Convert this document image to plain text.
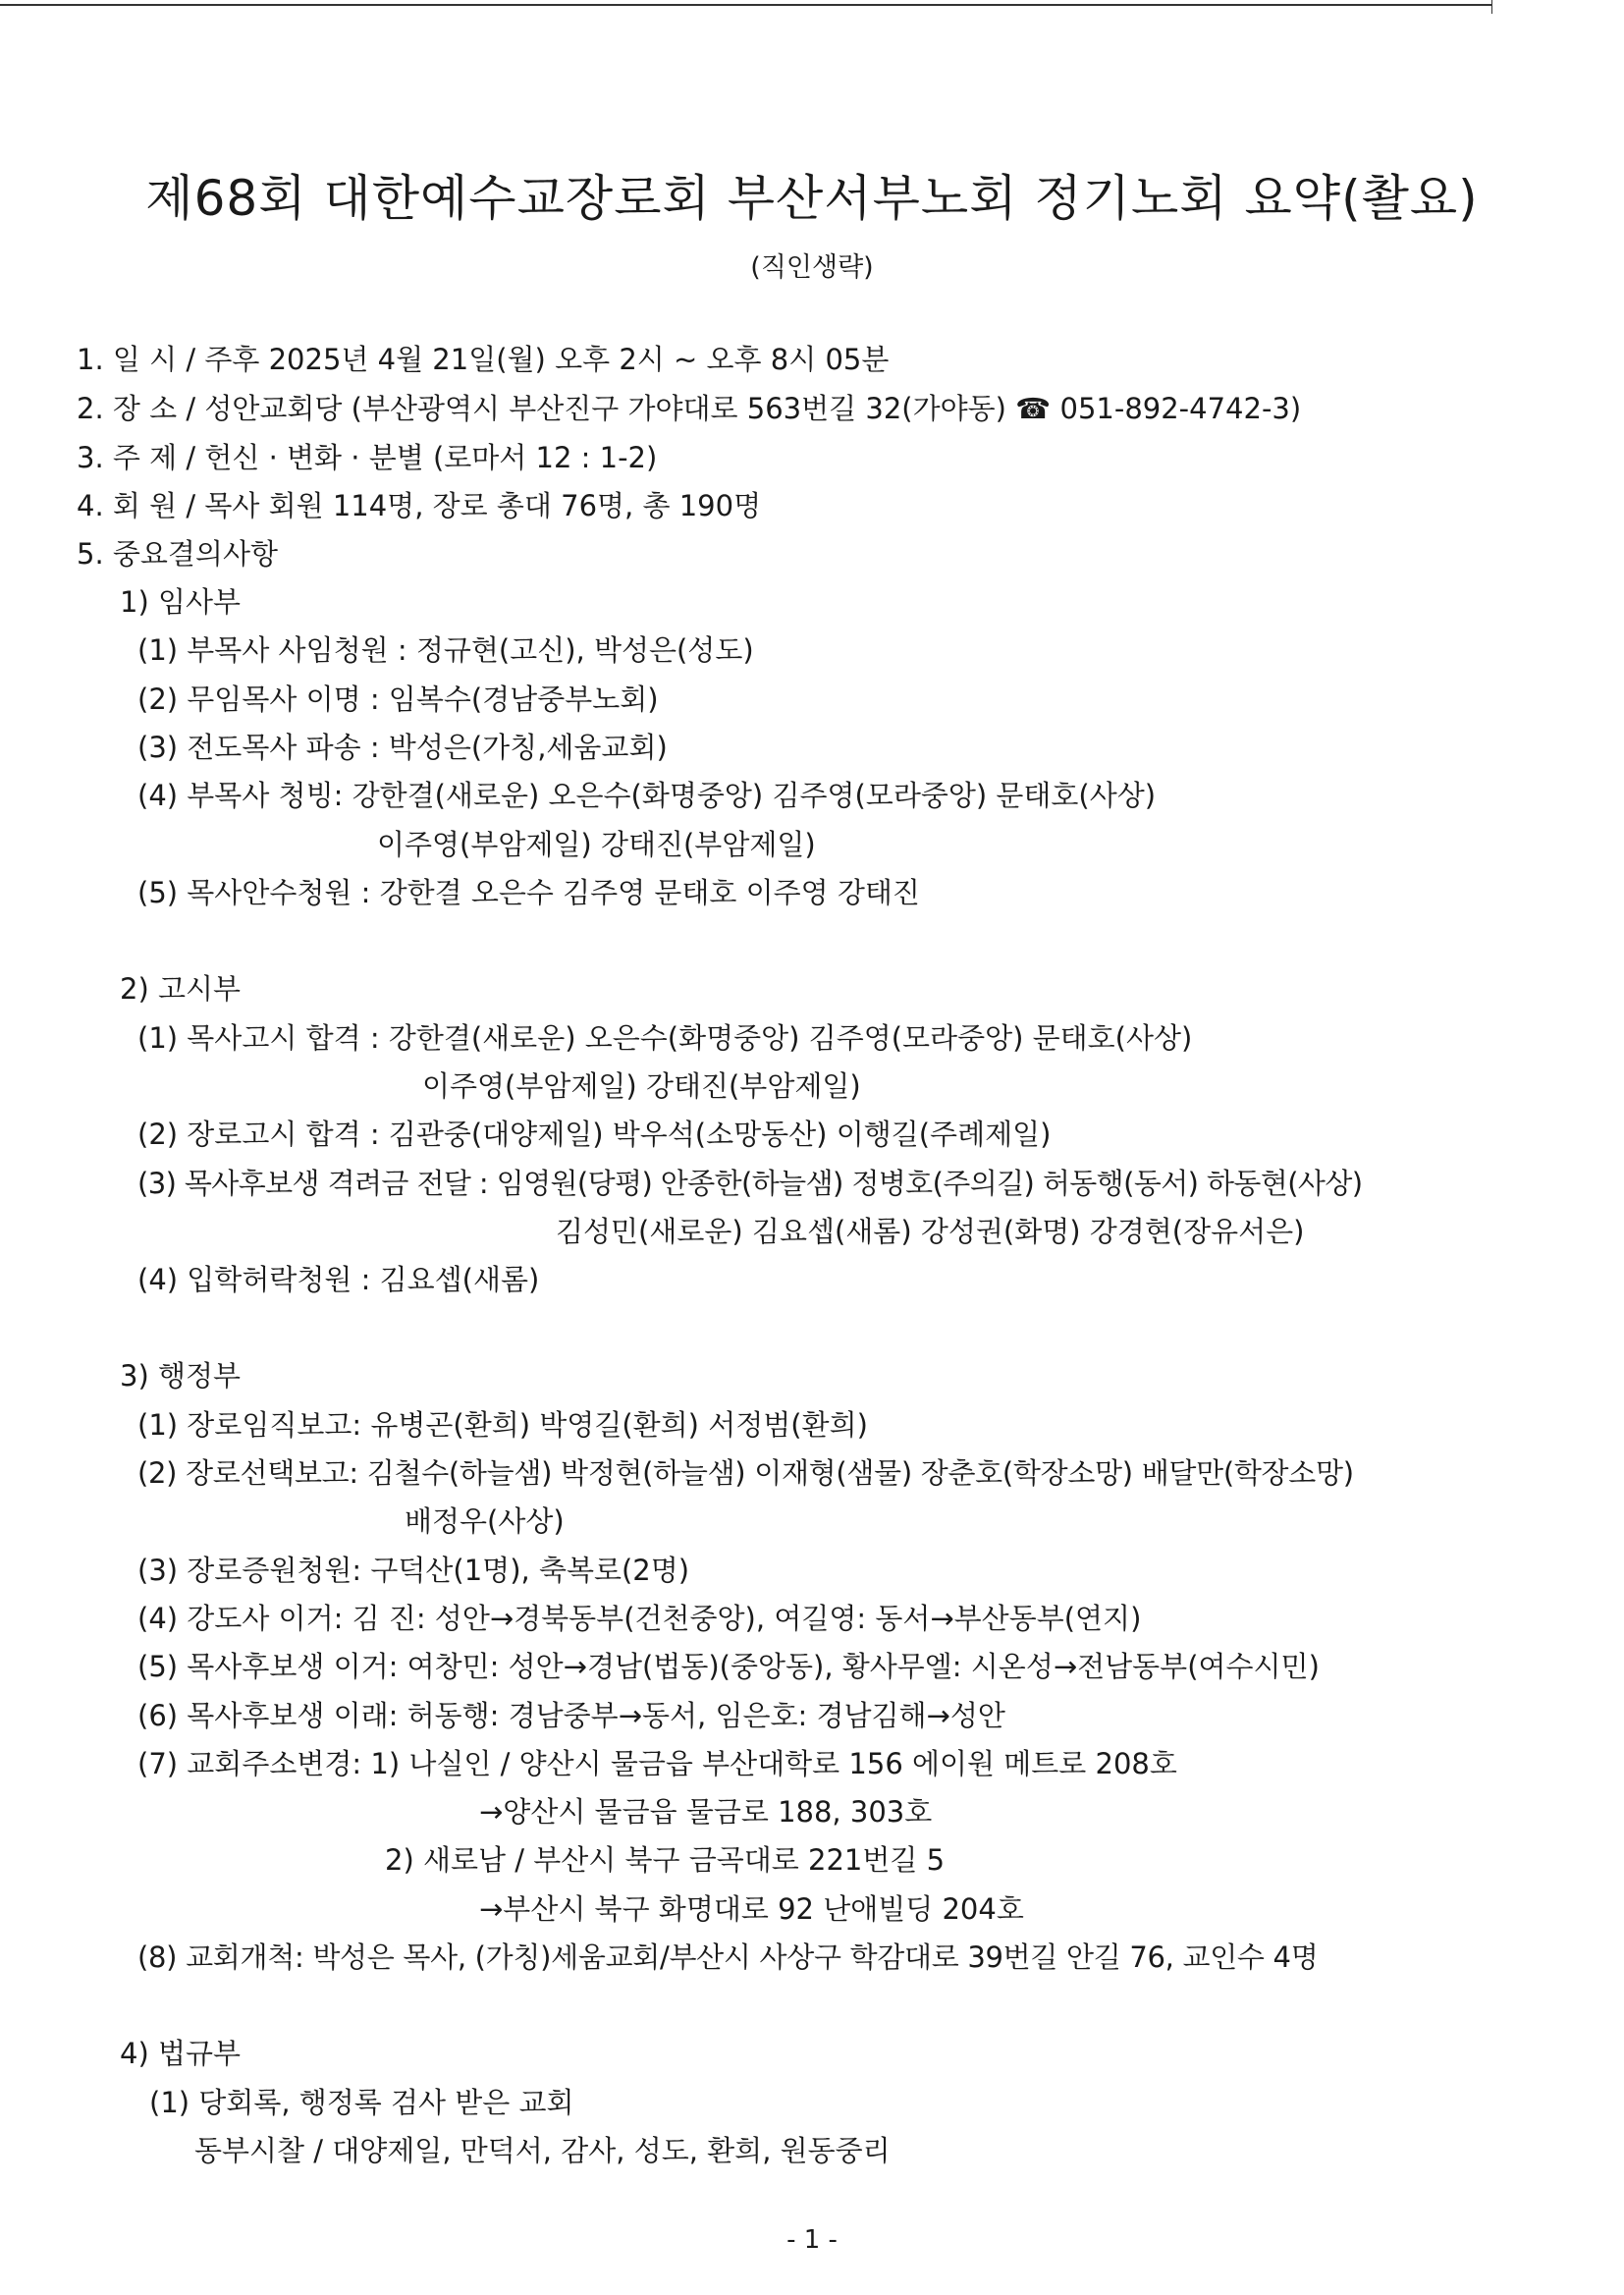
제68회 대한예수교장로회 부산서부노회 정기노회 요약(촬요)
(직인생략)
1. 일 시 / 주후 2025년 4월 21일(월) 오후 2시 ~ 오후 8시 05분
2. 장 소 / 성안교회당 (부산광역시 부산진구 가야대로 563번길 32(가야동) ☎ 051-892-4742-3)
3. 주 제 / 헌신 · 변화 · 분별 (로마서 12 : 1-2)
4. 회 원 / 목사 회원 114명, 장로 총대 76명, 총 190명
5. 중요결의사항
1) 임사부
(1) 부목사 사임청원 : 정규현(고신), 박성은(성도)
(2) 무임목사 이명 : 임복수(경남중부노회)
(3) 전도목사 파송 : 박성은(가칭,세움교회)
(4) 부목사 청빙: 강한결(새로운) 오은수(화명중앙) 김주영(모라중앙) 문태호(사상)
이주영(부암제일) 강태진(부암제일)
(5) 목사안수청원 : 강한결 오은수 김주영 문태호 이주영 강태진
2) 고시부
(1) 목사고시 합격 : 강한결(새로운) 오은수(화명중앙) 김주영(모라중앙) 문태호(사상)
이주영(부암제일) 강태진(부암제일)
(2) 장로고시 합격 : 김관중(대양제일) 박우석(소망동산) 이행길(주례제일)
(3) 목사후보생 격려금 전달 : 임영원(당평) 안종한(하늘샘) 정병호(주의길) 허동행(동서) 하동현(사상)
김성민(새로운) 김요셉(새롬) 강성권(화명) 강경현(장유서은)
(4) 입학허락청원 : 김요셉(새롬)
3) 행정부
(1) 장로임직보고: 유병곤(환희) 박영길(환희) 서정범(환희)
(2) 장로선택보고: 김철수(하늘샘) 박정현(하늘샘) 이재형(샘물) 장춘호(학장소망) 배달만(학장소망)
배정우(사상)
(3) 장로증원청원: 구덕산(1명), 축복로(2명)
(4) 강도사 이거: 김 진: 성안→경북동부(건천중앙), 여길영: 동서→부산동부(연지)
(5) 목사후보생 이거: 여창민: 성안→경남(법동)(중앙동), 황사무엘: 시온성→전남동부(여수시민)
(6) 목사후보생 이래: 허동행: 경남중부→동서, 임은호: 경남김해→성안
(7) 교회주소변경: 1) 나실인 / 양산시 물금읍 부산대학로 156 에이원 메트로 208호
→양산시 물금읍 물금로 188, 303호
2) 새로남 / 부산시 북구 금곡대로 221번길 5
→부산시 북구 화명대로 92 난애빌딩 204호
(8) 교회개척: 박성은 목사, (가칭)세움교회/부산시 사상구 학감대로 39번길 안길 76, 교인수 4명
4) 법규부
(1) 당회록, 행정록 검사 받은 교회
동부시찰 / 대양제일, 만덕서, 감사, 성도, 환희, 원동중리
- 1 -
